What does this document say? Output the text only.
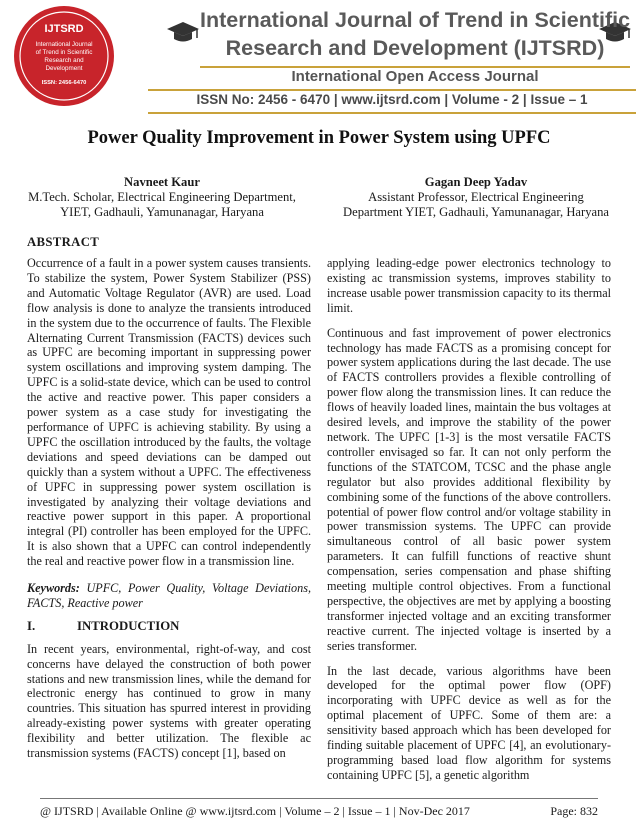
IJTSRD
International Journal
of Trend in Scientific
Research and
Development
ISSN: 2456-6470
International Journal of Trend in Scientific
Research and Development (IJTSRD)
International Open Access Journal
ISSN No: 2456 - 6470 | www.ijtsrd.com | Volume - 2 | Issue – 1
Power Quality Improvement in Power System using UPFC
Navneet Kaur
M.Tech. Scholar, Electrical Engineering Department,
YIET, Gadhauli, Yamunanagar, Haryana
Gagan Deep Yadav
Assistant Professor, Electrical Engineering
Department YIET, Gadhauli, Yamunanagar, Haryana
ABSTRACT

Occurrence of a fault in a power system causes transients. To stabilize the system, Power System Stabilizer (PSS) and Automatic Voltage Regulator (AVR) are used. Load flow analysis is done to analyze the transients introduced in the system due to the occurrence of faults. The Flexible Alternating Current Transmission (FACTS) devices such as UPFC are becoming important in suppressing power system oscillations and improving system damping. The UPFC is a solid-state device, which can be used to control the active and reactive power. This paper considers a power system as a case study for investigating the performance of UPFC is achieving stability. By using a UPFC the oscillation introduced by the faults, the voltage deviations and speed deviations can be damped out quickly than a system without a UPFC. The effectiveness of UPFC in suppressing power system oscillation is investigated by analyzing their voltage deviations and reactive power support in this paper. A proportional integral (PI) controller has been employed for the UPFC. It is also shown that a UPFC can control independently the real and reactive power flow in a transmission line.

Keywords: UPFC, Power Quality, Voltage Deviations, FACTS, Reactive power

I.	INTRODUCTION

In recent years, environmental, right-of-way, and cost concerns have delayed the construction of both power stations and new transmission lines, while the demand for electronic energy has continued to grow in many countries. This situation has spurred interest in providing already-existing power systems with greater operating flexibility and better utilization. The flexible ac transmission systems (FACTS) concept [1], based on

applying leading-edge power electronics technology to existing ac transmission systems, improves stability to increase usable power transmission capacity to its thermal limit.

Continuous and fast improvement of power electronics technology has made FACTS as a promising concept for power system applications during the last decade. The use of FACTS controllers provides a flexible controlling of power flow along the transmission lines. It can reduce the flows of heavily loaded lines, maintain the bus voltages at desired levels, and improve the stability of the power network. The UPFC [1-3] is the most versatile FACTS controller envisaged so far. It can not only perform the functions of the STATCOM, TCSC and the phase angle regulator but also provides additional flexibility by combining some of the functions of the above controllers. potential of power flow control and/or voltage stability in power transmission systems. The UPFC can provide simultaneous control of all basic power system parameters. It can fulfill functions of reactive shunt compensation, series compensation and phase shifting meeting multiple control objectives. From a functional perspective, the objectives are met by applying a boosting transformer injected voltage and an exciting transformer reactive current. The injected voltage is inserted by a series transformer.

In the last decade, various algorithms have been developed for the optimal power flow (OPF) incorporating with UPFC device as well as for the optimal placement of UPFC. Some of them are: a sensitivity based approach which has been developed for finding suitable placement of UPFC [4], an evolutionary-programming based load flow algorithm for systems containing UPFC [5], a genetic algorithm

@ IJTSRD | Available Online @ www.ijtsrd.com | Volume – 2 | Issue – 1 | Nov-Dec 2017	Page: 832
